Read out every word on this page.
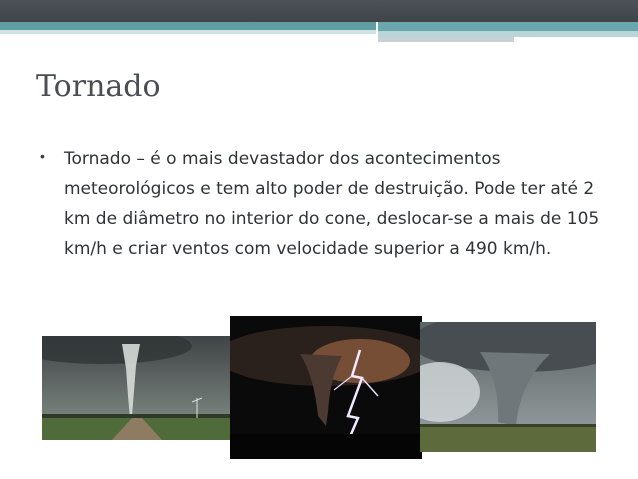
Tornado
• Tornado – é o mais devastador dos acontecimentos meteorológicos e tem alto poder de destruição. Pode ter até 2 km de diâmetro no interior do cone, deslocar-se a mais de 105 km/h e criar ventos com velocidade superior a 490 km/h.
